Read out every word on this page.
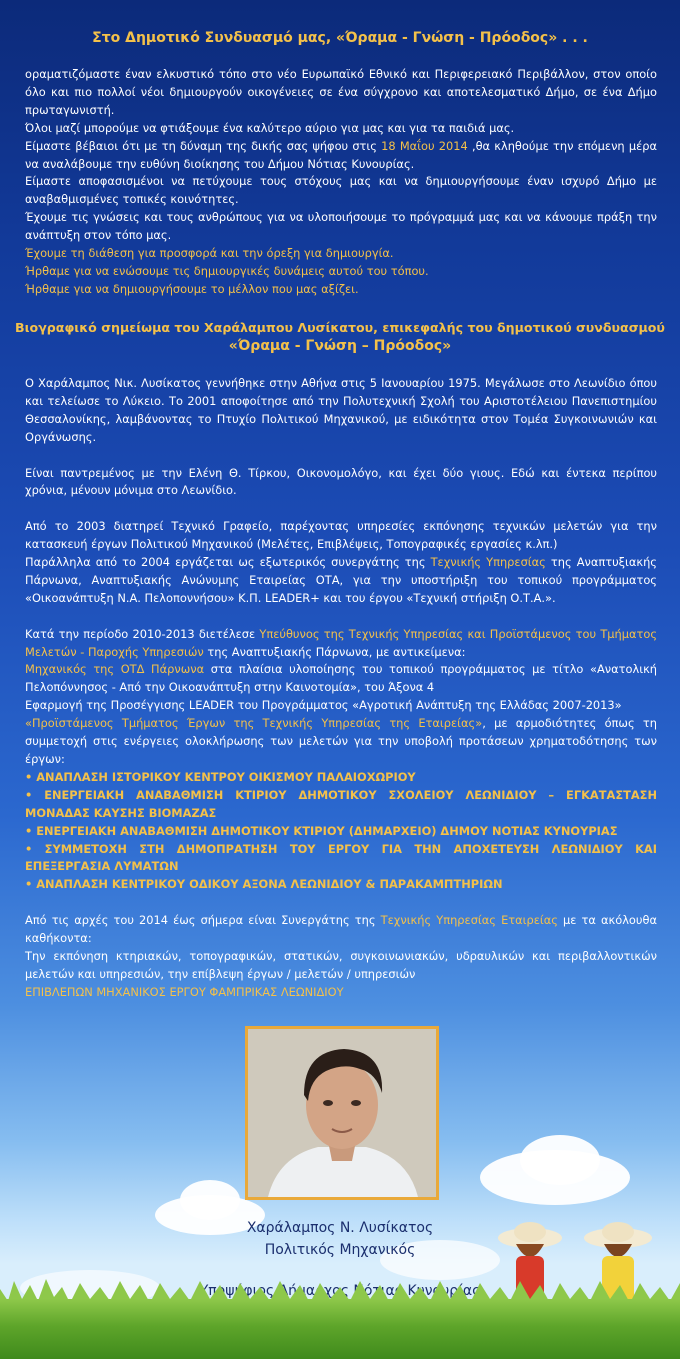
Στο Δημοτικό Συνδυασμό μας, «Όραμα - Γνώση - Πρόοδος» . . .

οραματιζόμαστε έναν ελκυστικό τόπο στο νέο Ευρωπαϊκό Εθνικό και Περιφερειακό Περιβάλλον, στον οποίο όλο και πιο πολλοί νέοι δημιουργούν οικογένειες σε ένα σύγχρονο και αποτελεσματικό Δήμο, σε ένα Δήμο πρωταγωνιστή.

Όλοι μαζί μπορούμε να φτιάξουμε ένα καλύτερο αύριο για μας και για τα παιδιά μας.

Είμαστε βέβαιοι ότι με τη δύναμη της δικής σας ψήφου στις 18 Μαΐου 2014 ,θα κληθούμε την επόμενη μέρα να αναλάβουμε την ευθύνη διοίκησης του Δήμου Νότιας Κυνουρίας.

Είμαστε αποφασισμένοι να πετύχουμε τους στόχους μας και να δημιουργήσουμε έναν ισχυρό Δήμο με αναβαθμισμένες τοπικές κοινότητες.

Έχουμε τις γνώσεις και τους ανθρώπους για να υλοποιήσουμε το πρόγραμμά μας και να κάνουμε πράξη την ανάπτυξη στον τόπο μας.

Έχουμε τη διάθεση για προσφορά και την όρεξη για δημιουργία.

Ήρθαμε για να ενώσουμε τις δημιουργικές δυνάμεις αυτού του τόπου.

Ήρθαμε για να δημιουργήσουμε το μέλλον που μας αξίζει.

Βιογραφικό σημείωμα του Χαράλαμπου Λυσίκατου, επικεφαλής του δημοτικού συνδυασμού
«Όραμα - Γνώση – Πρόοδος»

Ο Χαράλαμπος Νικ. Λυσίκατος γεννήθηκε στην Αθήνα στις 5 Ιανουαρίου 1975. Μεγάλωσε στο Λεωνίδιο όπου και τελείωσε το Λύκειο. Το 2001 αποφοίτησε από την Πολυτεχνική Σχολή του Αριστοτέλειου Πανεπιστημίου Θεσσαλονίκης, λαμβάνοντας το Πτυχίο Πολιτικού Μηχανικού, με ειδικότητα στον Τομέα Συγκοινωνιών και Οργάνωσης.

Είναι παντρεμένος με την Ελένη Θ. Τίρκου, Οικονομολόγο, και έχει δύο γιους. Εδώ και έντεκα περίπου χρόνια, μένουν μόνιμα στο Λεωνίδιο.

Από το 2003 διατηρεί Τεχνικό Γραφείο, παρέχοντας υπηρεσίες εκπόνησης τεχνικών μελετών για την κατασκευή έργων Πολιτικού Μηχανικού (Μελέτες, Επιβλέψεις, Τοπογραφικές εργασίες κ.λπ.)

Παράλληλα από το 2004 εργάζεται ως εξωτερικός συνεργάτης της Τεχνικής Υπηρεσίας της Αναπτυξιακής Πάρνωνα, Αναπτυξιακής Ανώνυμης Εταιρείας ΟΤΑ, για την υποστήριξη του τοπικού προγράμματος «Οικοανάπτυξη Ν.Α. Πελοποννήσου» Κ.Π. LEADER+ και του έργου «Τεχνική στήριξη Ο.Τ.Α.».

Κατά την περίοδο 2010-2013 διετέλεσε Υπεύθυνος της Τεχνικής Υπηρεσίας και Προϊστάμενος του Τμήματος Μελετών - Παροχής Υπηρεσιών της Αναπτυξιακής Πάρνωνα, με αντικείμενα:

Μηχανικός της ΟΤΔ Πάρνωνα στα πλαίσια υλοποίησης του τοπικού προγράμματος με τίτλο «Ανατολική Πελοπόννησος - Από την Οικοανάπτυξη στην Καινοτομία», του Άξονα 4

Εφαρμογή της Προσέγγισης LEADER του Προγράμματος «Αγροτική Ανάπτυξη της Ελλάδας 2007-2013»

«Προϊστάμενος Τμήματος Έργων της Τεχνικής Υπηρεσίας της Εταιρείας», με αρμοδιότητες όπως τη συμμετοχή στις ενέργειες ολοκλήρωσης των μελετών για την υποβολή προτάσεων χρηματοδότησης των έργων:

• ΑΝΑΠΛΑΣΗ ΙΣΤΟΡΙΚΟΥ ΚΕΝΤΡΟΥ ΟΙΚΙΣΜΟΥ ΠΑΛΑΙΟΧΩΡΙΟΥ

• ΕΝΕΡΓΕΙΑΚΗ ΑΝΑΒΑΘΜΙΣΗ ΚΤΙΡΙΟΥ ΔΗΜΟΤΙΚΟΥ ΣΧΟΛΕΙΟΥ ΛΕΩΝΙΔΙΟΥ – ΕΓΚΑΤΑΣΤΑΣΗ ΜΟΝΑΔΑΣ ΚΑΥΣΗΣ ΒΙΟΜΑΖΑΣ

• ΕΝΕΡΓΕΙΑΚΗ ΑΝΑΒΑΘΜΙΣΗ ΔΗΜΟΤΙΚΟΥ ΚΤΙΡΙΟΥ (ΔΗΜΑΡΧΕΙΟ) ΔΗΜΟΥ ΝΟΤΙΑΣ ΚΥΝΟΥΡΙΑΣ

• ΣΥΜΜΕΤΟΧΗ ΣΤΗ ΔΗΜΟΠΡΑΤΗΣΗ ΤΟΥ ΕΡΓΟΥ ΓΙΑ ΤΗΝ ΑΠΟΧΕΤΕΥΣΗ ΛΕΩΝΙΔΙΟΥ ΚΑΙ ΕΠΕΞΕΡΓΑΣΙΑ ΛΥΜΑΤΩΝ

• ΑΝΑΠΛΑΣΗ ΚΕΝΤΡΙΚΟΥ ΟΔΙΚΟΥ ΑΞΟΝΑ ΛΕΩΝΙΔΙΟΥ & ΠΑΡΑΚΑΜΠΤΗΡΙΩΝ

Από τις αρχές του 2014 έως σήμερα είναι Συνεργάτης της Τεχνικής Υπηρεσίας Εταιρείας με τα ακόλουθα καθήκοντα:

Την εκπόνηση κτηριακών, τοπογραφικών, στατικών, συγκοινωνιακών, υδραυλικών και περιβαλλοντικών μελετών και υπηρεσιών, την επίβλεψη έργων / μελετών / υπηρεσιών

ΕΠΙΒΛΕΠΩΝ ΜΗΧΑΝΙΚΟΣ ΕΡΓΟΥ ΦΑΜΠΡΙΚΑΣ ΛΕΩΝΙΔΙΟΥ

Χαράλαμπος Ν. Λυσίκατος
Πολιτικός Μηχανικός
